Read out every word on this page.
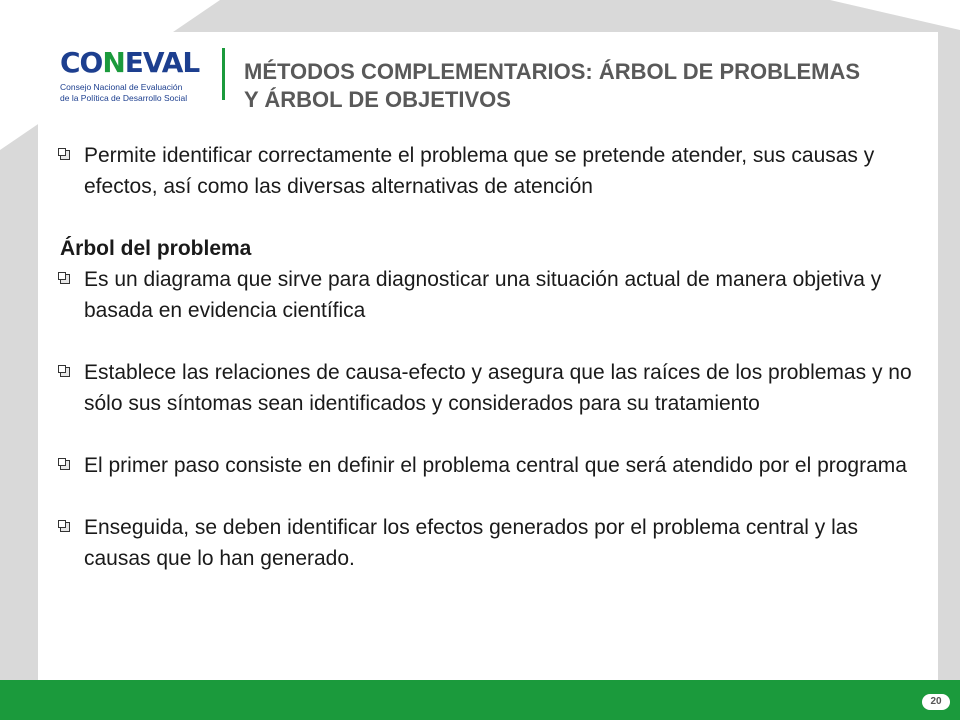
CONEVAL
Consejo Nacional de Evaluación
de la Política de Desarrollo Social
MÉTODOS COMPLEMENTARIOS: ÁRBOL DE PROBLEMAS Y ÁRBOL DE OBJETIVOS

Permite identificar correctamente el problema que se pretende atender, sus causas y efectos, así como las diversas alternativas de atención

Árbol del problema

Es un diagrama que sirve para diagnosticar una situación actual de manera objetiva y basada en evidencia científica

Establece las relaciones de causa-efecto y asegura que las raíces de los problemas y no sólo sus síntomas sean identificados y considerados para su tratamiento

El primer paso consiste en definir el problema central que será atendido por el programa

Enseguida, se deben identificar los efectos generados por el problema central y las causas que lo han generado.

20
